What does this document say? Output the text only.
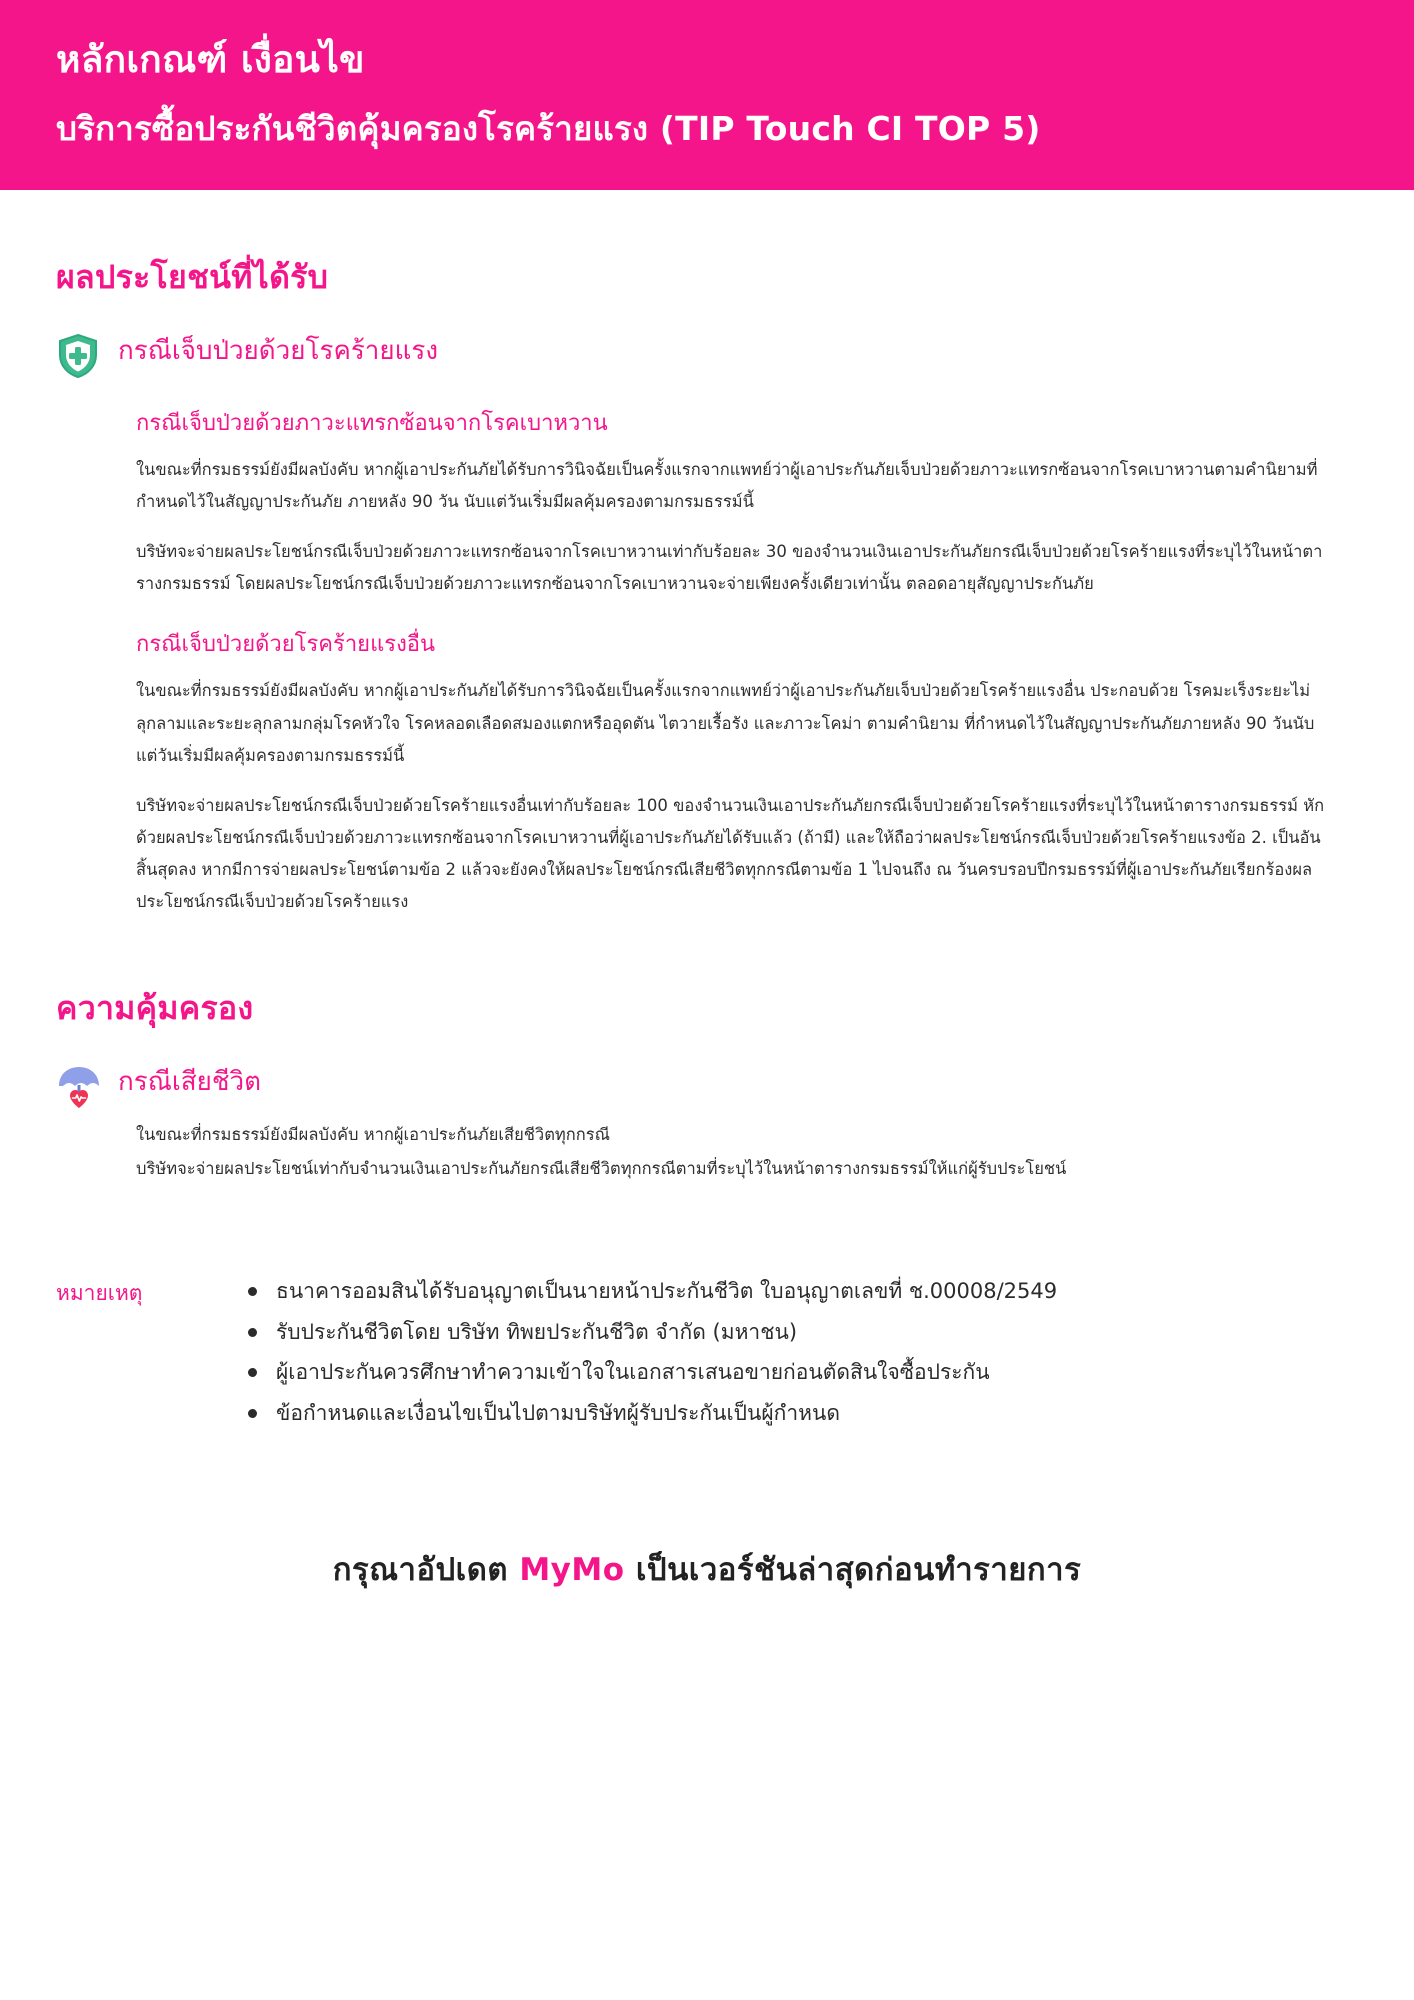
หลักเกณฑ์ เงื่อนไข
บริการซื้อประกันชีวิตคุ้มครองโรคร้ายแรง (TIP Touch CI TOP 5)
ผลประโยชน์ที่ได้รับ
กรณีเจ็บป่วยด้วยโรคร้ายแรง
กรณีเจ็บป่วยด้วยภาวะแทรกซ้อนจากโรคเบาหวาน

ในขณะที่กรมธรรม์ยังมีผลบังคับ หากผู้เอาประกันภัยได้รับการวินิจฉัยเป็นครั้งแรกจากแพทย์ว่าผู้เอาประกันภัยเจ็บป่วยด้วยภาวะแทรกซ้อนจากโรคเบาหวานตามคำนิยามที่กำหนดไว้ในสัญญาประกันภัย ภายหลัง 90 วัน นับแต่วันเริ่มมีผลคุ้มครองตามกรมธรรม์นี้

บริษัทจะจ่ายผลประโยชน์กรณีเจ็บป่วยด้วยภาวะแทรกซ้อนจากโรคเบาหวานเท่ากับร้อยละ 30 ของจำนวนเงินเอาประกันภัยกรณีเจ็บป่วยด้วยโรคร้ายแรงที่ระบุไว้ในหน้าตารางกรมธรรม์ โดยผลประโยชน์กรณีเจ็บป่วยด้วยภาวะแทรกซ้อนจากโรคเบาหวานจะจ่ายเพียงครั้งเดียวเท่านั้น ตลอดอายุสัญญาประกันภัย

กรณีเจ็บป่วยด้วยโรคร้ายแรงอื่น

ในขณะที่กรมธรรม์ยังมีผลบังคับ หากผู้เอาประกันภัยได้รับการวินิจฉัยเป็นครั้งแรกจากแพทย์ว่าผู้เอาประกันภัยเจ็บป่วยด้วยโรคร้ายแรงอื่น ประกอบด้วย โรคมะเร็งระยะไม่ลุกลามและระยะลุกลามกลุ่มโรคหัวใจ โรคหลอดเลือดสมองแตกหรืออุดตัน ไตวายเรื้อรัง และภาวะโคม่า ตามคำนิยาม ที่กำหนดไว้ในสัญญาประกันภัยภายหลัง 90 วันนับแต่วันเริ่มมีผลคุ้มครองตามกรมธรรม์นี้

บริษัทจะจ่ายผลประโยชน์กรณีเจ็บป่วยด้วยโรคร้ายแรงอื่นเท่ากับร้อยละ 100 ของจำนวนเงินเอาประกันภัยกรณีเจ็บป่วยด้วยโรคร้ายแรงที่ระบุไว้ในหน้าตารางกรมธรรม์ หักด้วยผลประโยชน์กรณีเจ็บป่วยด้วยภาวะแทรกซ้อนจากโรคเบาหวานที่ผู้เอาประกันภัยได้รับแล้ว (ถ้ามี) และให้ถือว่าผลประโยชน์กรณีเจ็บป่วยด้วยโรคร้ายแรงข้อ 2. เป็นอันสิ้นสุดลง หากมีการจ่ายผลประโยชน์ตามข้อ 2 แล้วจะยังคงให้ผลประโยชน์กรณีเสียชีวิตทุกกรณีตามข้อ 1 ไปจนถึง ณ วันครบรอบปีกรมธรรม์ที่ผู้เอาประกันภัยเรียกร้องผลประโยชน์กรณีเจ็บป่วยด้วยโรคร้ายแรง

ความคุ้มครอง
กรณีเสียชีวิต

ในขณะที่กรมธรรม์ยังมีผลบังคับ หากผู้เอาประกันภัยเสียชีวิตทุกกรณี

บริษัทจะจ่ายผลประโยชน์เท่ากับจำนวนเงินเอาประกันภัยกรณีเสียชีวิตทุกกรณีตามที่ระบุไว้ในหน้าตารางกรมธรรม์ให้แก่ผู้รับประโยชน์

หมายเหตุ	ธนาคารออมสินได้รับอนุญาตเป็นนายหน้าประกันชีวิต ใบอนุญาตเลขที่ ช.00008/2549
รับประกันชีวิตโดย บริษัท ทิพยประกันชีวิต จำกัด (มหาชน)
ผู้เอาประกันควรศึกษาทำความเข้าใจในเอกสารเสนอขายก่อนตัดสินใจซื้อประกัน
ข้อกำหนดและเงื่อนไขเป็นไปตามบริษัทผู้รับประกันเป็นผู้กำหนด
กรุณาอัปเดต MyMo เป็นเวอร์ชันล่าสุดก่อนทำรายการ
